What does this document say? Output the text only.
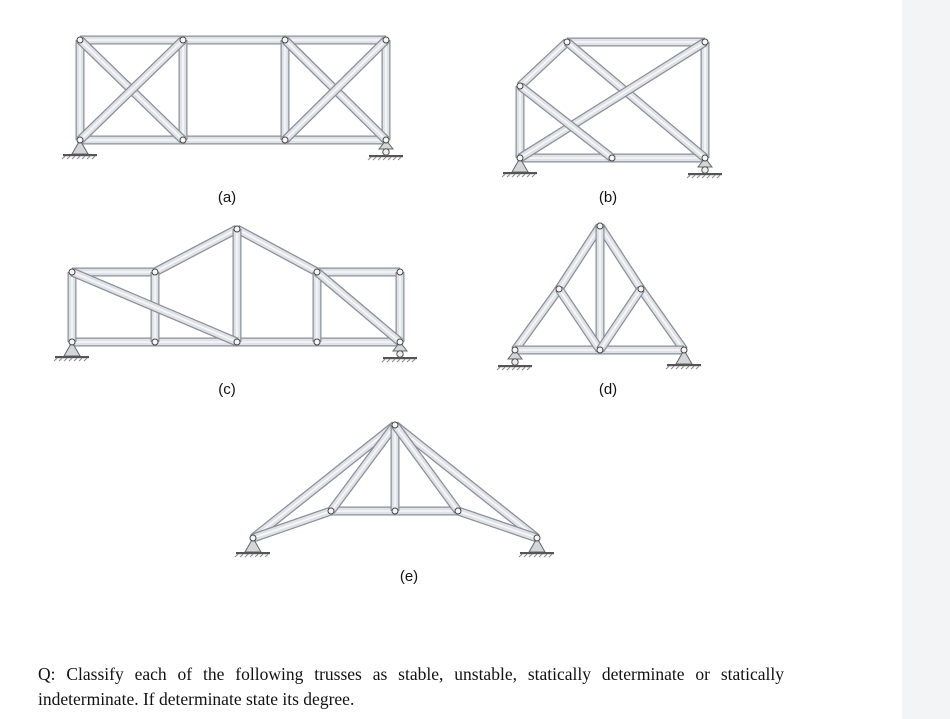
(a)	(b)
(c)	(d)
(e)
Q: Classify each of the following trusses as stable, unstable, statically determinate or statically indeterminate. If determinate state its degree.
